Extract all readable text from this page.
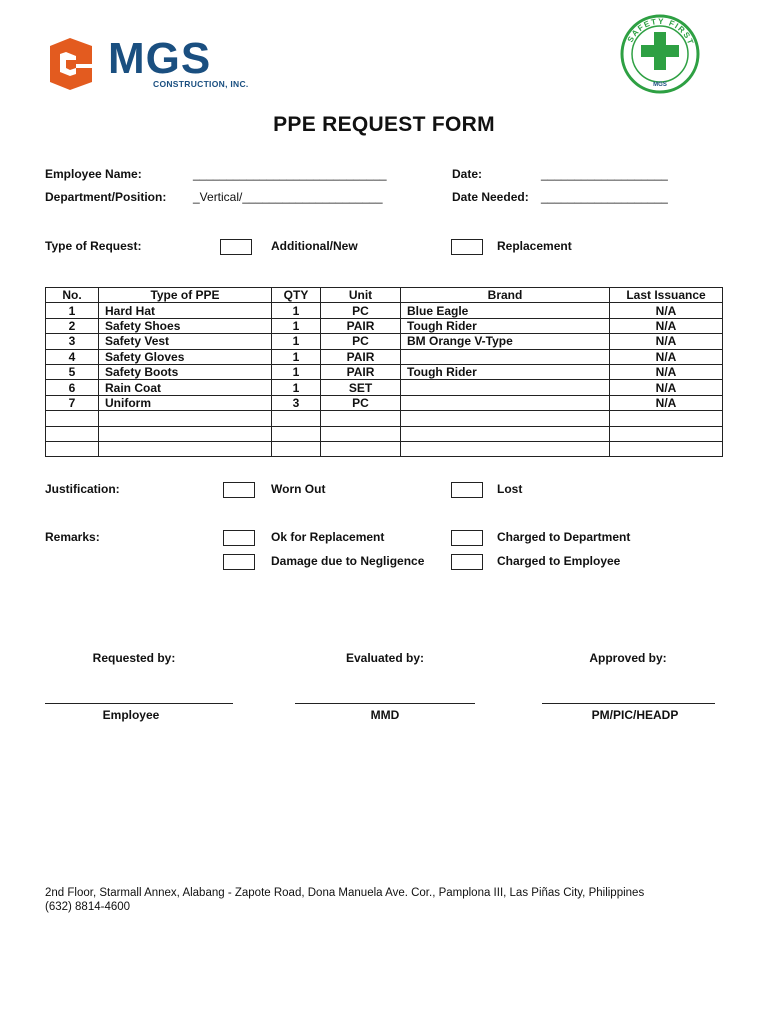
MGS
CONSTRUCTION, INC.
SAFETY FIRST
MGS
PPE REQUEST FORM
Employee Name:	_____________________________	Date:	___________________
Department/Position: _Vertical/_____________________	Date Needed: ___________________
Type of Request:	Additional/New	Replacement
No.	Type of PPE	QTY	Unit	Brand	Last Issuance
1	Hard Hat	1	PC	Blue Eagle	N/A
2	Safety Shoes	1	PAIR	Tough Rider	N/A
3	Safety Vest	1	PC	BM Orange V-Type	N/A
4	Safety Gloves	1	PAIR		N/A
5	Safety Boots	1	PAIR	Tough Rider	N/A
6	Rain Coat	1	SET		N/A
7	Uniform	3	PC		N/A

Justification:	Worn Out	Lost
Remarks:	Ok for Replacement	Charged to Department
Damage due to Negligence	Charged to Employee
Requested by:	Evaluated by:	Approved by:
Employee	MMD	PM/PIC/HEADP
2nd Floor, Starmall Annex, Alabang - Zapote Road, Dona Manuela Ave. Cor., Pamplona III, Las Piñas City, Philippines
(632) 8814-4600
